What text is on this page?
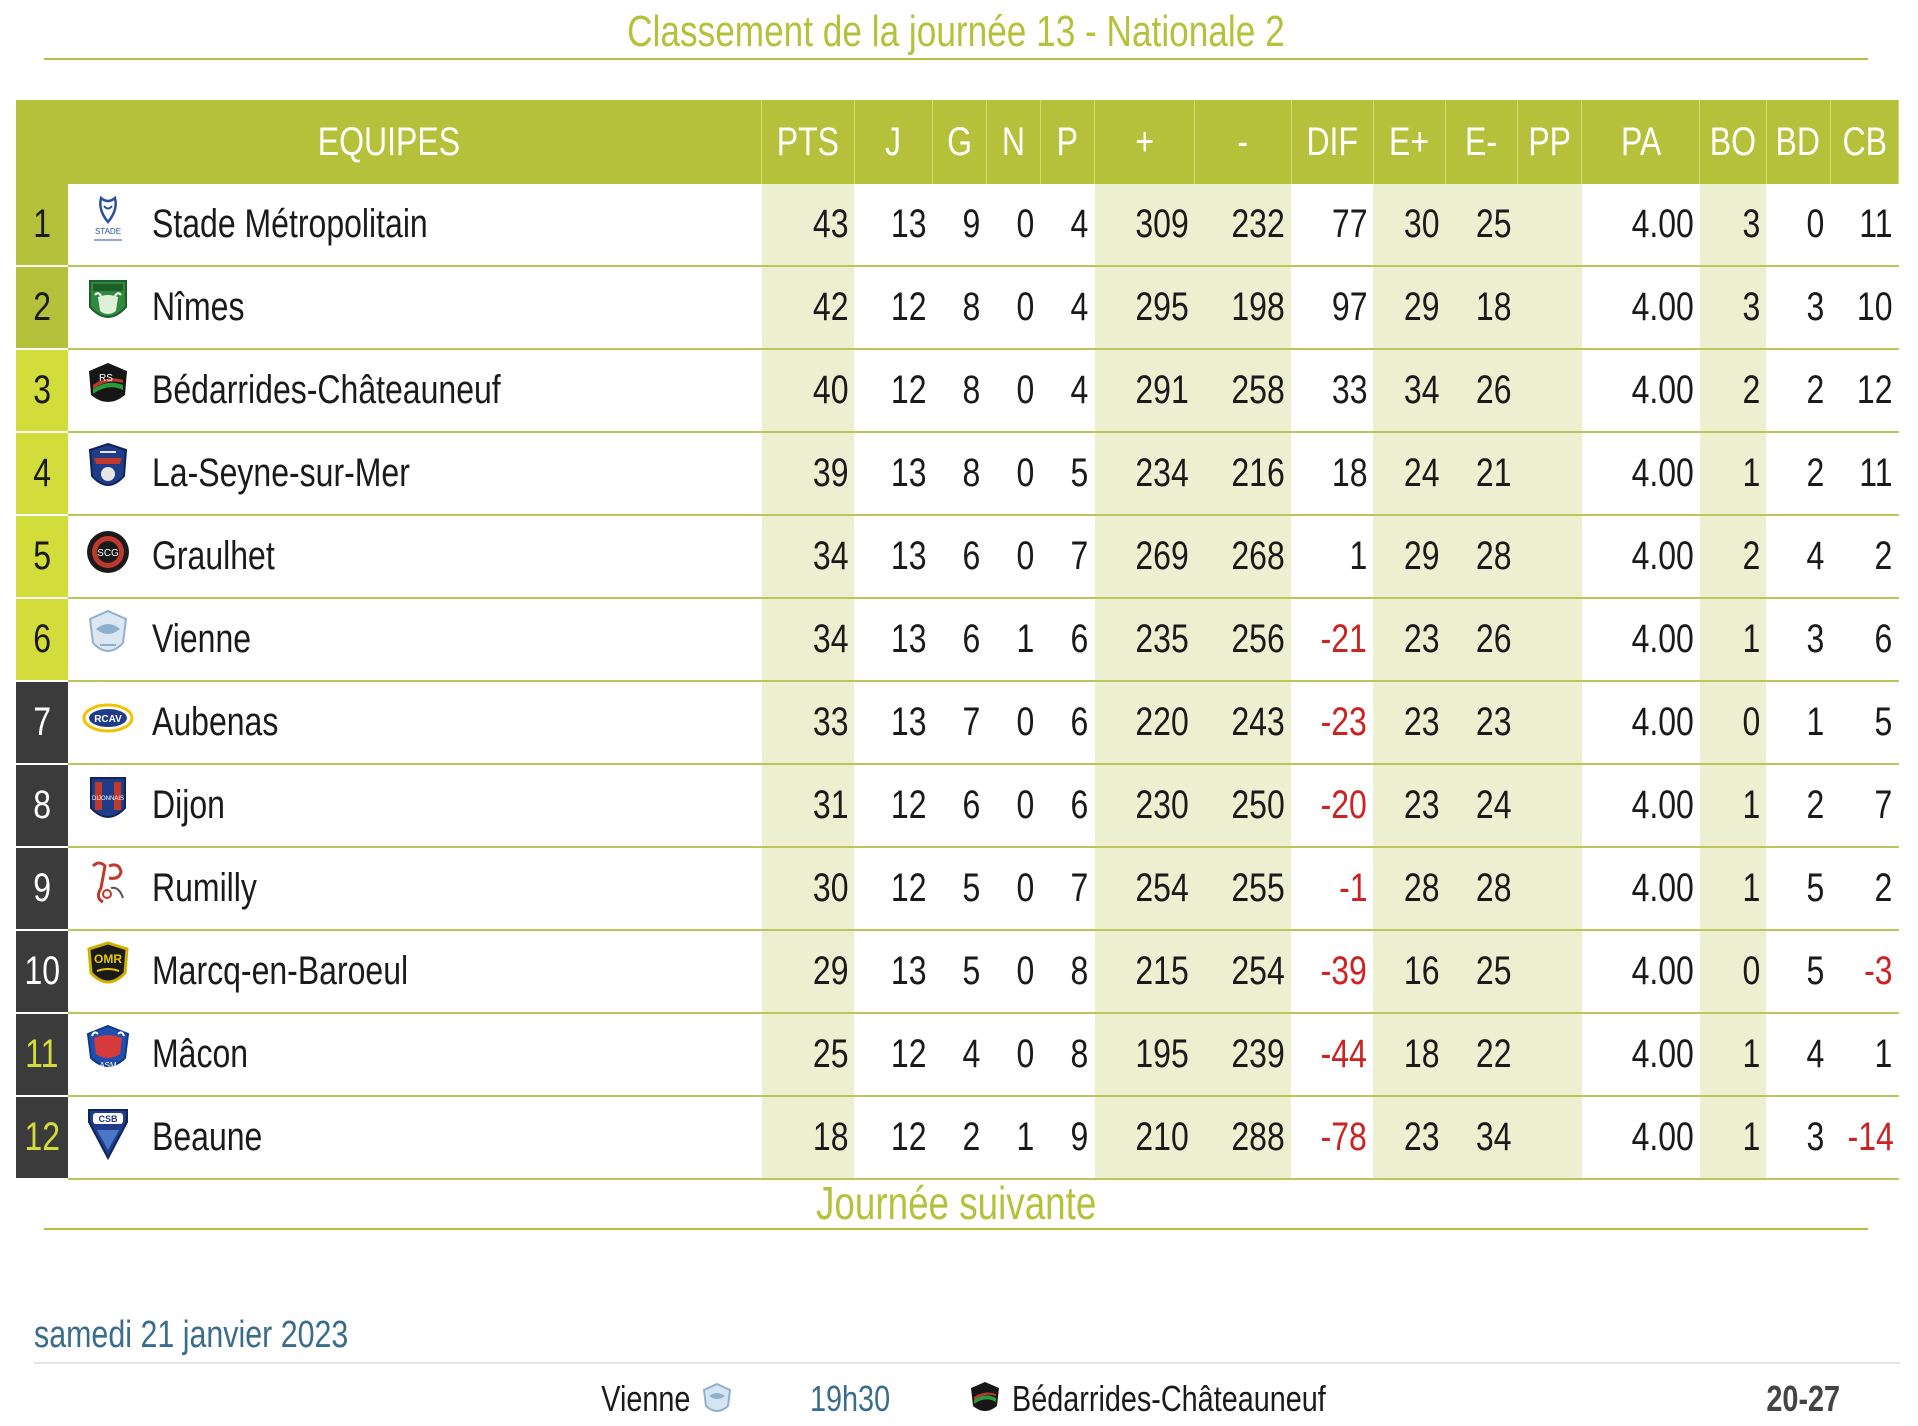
Classement de la journée 13 - Nationale 2
EQUIPES			PTS	J	G	N	P	+	-	DIF	E+	E-	PP	PA	BO	BD	CB
1	STADE	Stade Métropolitain	43	13	9	0	4	309	232	77	30	25		4.00	3	0	11
2		Nîmes	42	12	8	0	4	295	198	97	29	18		4.00	3	3	10
3	RS	Bédarrides-Châteauneuf	40	12	8	0	4	291	258	33	34	26		4.00	2	2	12
4		La-Seyne-sur-Mer	39	13	8	0	5	234	216	18	24	21		4.00	1	2	11
5	SCG	Graulhet	34	13	6	0	7	269	268	1	29	28		4.00	2	4	2
6		Vienne	34	13	6	1	6	235	256	-21	23	26		4.00	1	3	6
7	RCAV	Aubenas	33	13	7	0	6	220	243	-23	23	23		4.00	0	1	5
8	DIJONNAIS	Dijon	31	12	6	0	6	230	250	-20	23	24		4.00	1	2	7
9		Rumilly	30	12	5	0	7	254	255	-1	28	28		4.00	1	5	2
10	OMR	Marcq-en-Baroeul	29	13	5	0	8	215	254	-39	16	25		4.00	0	5	-3
11	ASM	Mâcon	25	12	4	0	8	195	239	-44	18	22		4.00	1	4	1
12	CSB	Beaune	18	12	2	1	9	210	288	-78	23	34		4.00	1	3	-14
Journée suivante
samedi 21 janvier 2023
Vienne	19h30	Bédarrides-Châteauneuf	20-27
